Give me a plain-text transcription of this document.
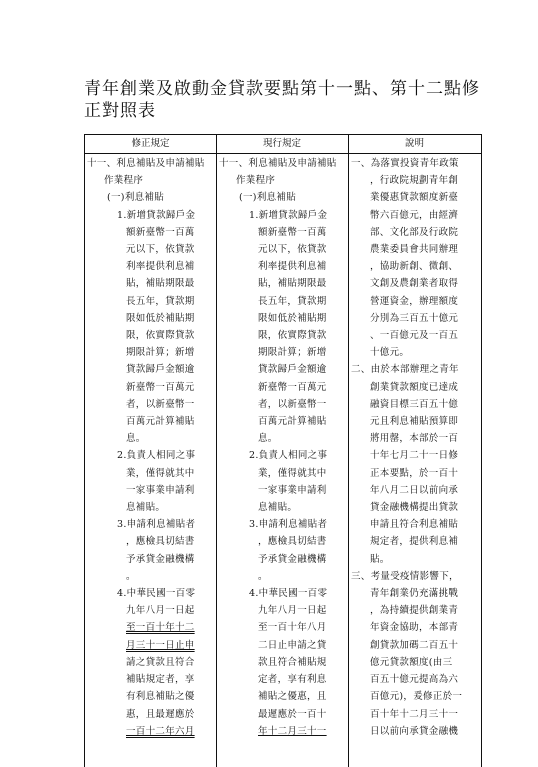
青年創業及啟動金貸款要點第十一點、第十二點修
正對照表
修正規定	現行規定	說明
十一、利息補貼及申請補貼
作業程序
(一)利息補貼
1.新增貸款歸戶金
額新臺幣一百萬
元以下，依貸款
利率提供利息補
貼，補貼期限最
長五年，貸款期
限如低於補貼期
限，依實際貸款
期限計算；新增
貸款歸戶金額逾
新臺幣一百萬元
者，以新臺幣一
百萬元計算補貼
息。
2.負責人相同之事
業，僅得就其中
一家事業申請利
息補貼。
3.申請利息補貼者
，應檢具切結書
予承貸金融機構
。
4.中華民國一百零
九年八月一日起
至一百十年十二
月三十一日止申
請之貸款且符合
補貼規定者，享
有利息補貼之優
惠，且最遲應於
一百十二年六月
十一、利息補貼及申請補貼
作業程序
(一)利息補貼
1.新增貸款歸戶金
額新臺幣一百萬
元以下，依貸款
利率提供利息補
貼，補貼期限最
長五年，貸款期
限如低於補貼期
限，依實際貸款
期限計算；新增
貸款歸戶金額逾
新臺幣一百萬元
者，以新臺幣一
百萬元計算補貼
息。
2.負責人相同之事
業，僅得就其中
一家事業申請利
息補貼。
3.申請利息補貼者
，應檢具切結書
予承貸金融機構
。
4.中華民國一百零
九年八月一日起
至一百十年八月
二日止申請之貸
款且符合補貼規
定者，享有利息
補貼之優惠，且
最遲應於一百十
年十二月三十一
一、為落實投資青年政策
，行政院規劃青年創
業優惠貸款額度新臺
幣六百億元，由經濟
部、文化部及行政院
農業委員會共同辦理
，協助新創、微創、
文創及農創業者取得
營運資金，辦理額度
分別為三百五十億元
、一百億元及一百五
十億元。
二、由於本部辦理之青年
創業貸款額度已達成
融資目標三百五十億
元且利息補貼預算即
將用罄，本部於一百
十年七月二十一日修
正本要點，於一百十
年八月二日以前向承
貸金融機構提出貸款
申請且符合利息補貼
規定者，提供利息補
貼。
三、考量受疫情影響下，
青年創業仍充滿挑戰
，為持續提供創業青
年資金協助，本部青
創貸款加碼二百五十
億元貸款額度(由三
百五十億元提高為六
百億元)，爰修正於一
百十年十二月三十一
日以前向承貸金融機
